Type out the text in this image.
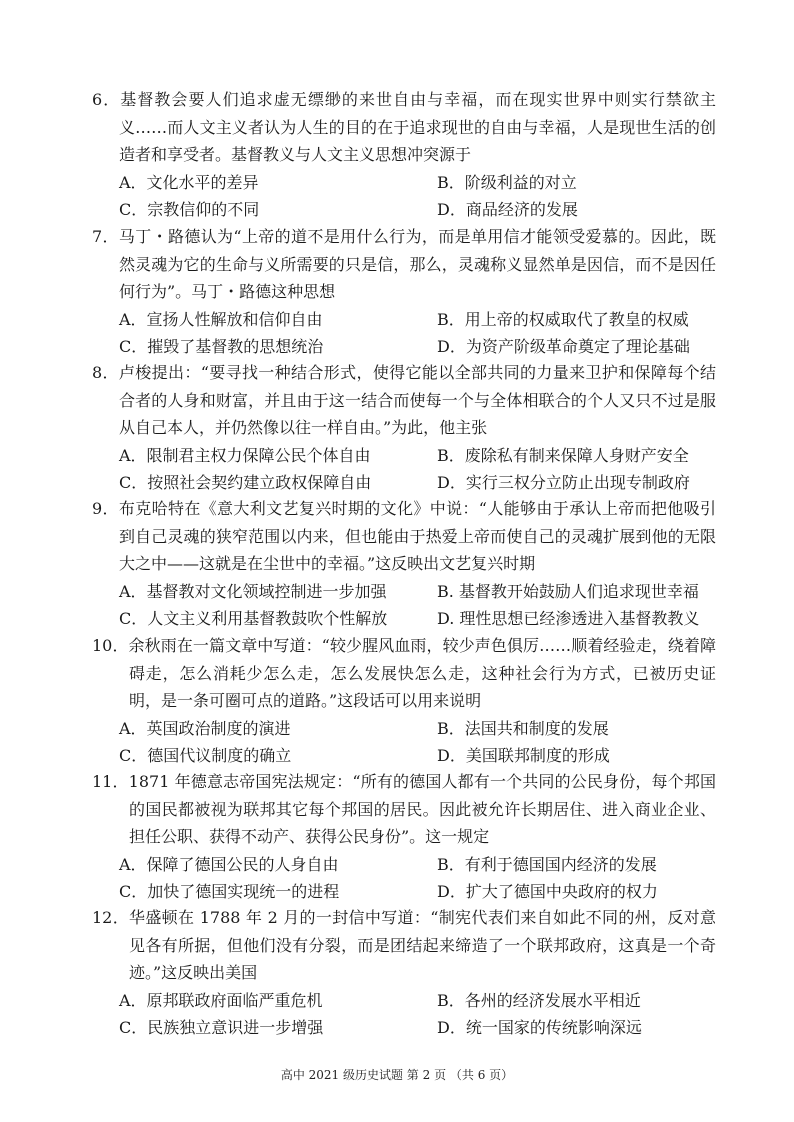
6．基督教会要人们追求虚无缥缈的来世自由与幸福，而在现实世界中则实行禁欲主义……而人文主义者认为人生的目的在于追求现世的自由与幸福，人是现世生活的创造者和享受者。基督教义与人文主义思想冲突源于

A．文化水平的差异	B．阶级利益的对立
C．宗教信仰的不同	D．商品经济的发展

7．马丁・路德认为“上帝的道不是用什么行为，而是单用信才能领受爱慕的。因此，既然灵魂为它的生命与义所需要的只是信，那么，灵魂称义显然单是因信，而不是因任何行为”。马丁・路德这种思想

A．宣扬人性解放和信仰自由	B．用上帝的权威取代了教皇的权威
C．摧毁了基督教的思想统治	D．为资产阶级革命奠定了理论基础

8．卢梭提出：“要寻找一种结合形式，使得它能以全部共同的力量来卫护和保障每个结合者的人身和财富，并且由于这一结合而使每一个与全体相联合的个人又只不过是服从自己本人，并仍然像以往一样自由。”为此，他主张

A．限制君主权力保障公民个体自由	B．废除私有制来保障人身财产安全
C．按照社会契约建立政权保障自由	D．实行三权分立防止出现专制政府

9．布克哈特在《意大利文艺复兴时期的文化》中说：“人能够由于承认上帝而把他吸引到自己灵魂的狭窄范围以内来，但也能由于热爱上帝而使自己的灵魂扩展到他的无限大之中——这就是在尘世中的幸福。”这反映出文艺复兴时期

A．基督教对文化领域控制进一步加强	B. 基督教开始鼓励人们追求现世幸福
C．人文主义利用基督教鼓吹个性解放	D. 理性思想已经渗透进入基督教教义

10．余秋雨在一篇文章中写道：“较少腥风血雨，较少声色俱厉……顺着经验走，绕着障碍走，怎么消耗少怎么走，怎么发展快怎么走，这种社会行为方式，已被历史证明，是一条可圈可点的道路。”这段话可以用来说明

A．英国政治制度的演进	B．法国共和制度的发展
C．德国代议制度的确立	D．美国联邦制度的形成

11．1871 年德意志帝国宪法规定：“所有的德国人都有一个共同的公民身份，每个邦国的国民都被视为联邦其它每个邦国的居民。因此被允许长期居住、进入商业企业、担任公职、获得不动产、获得公民身份”。这一规定

A．保障了德国公民的人身自由	B．有利于德国国内经济的发展
C．加快了德国实现统一的进程	D．扩大了德国中央政府的权力

12．华盛顿在 1788 年 2 月的一封信中写道：“制宪代表们来自如此不同的州，反对意见各有所据，但他们没有分裂，而是团结起来缔造了一个联邦政府，这真是一个奇迹。”这反映出美国

A．原邦联政府面临严重危机	B．各州的经济发展水平相近
C．民族独立意识进一步增强	D．统一国家的传统影响深远
高中 2021 级历史试题 第 2 页 （共 6 页）
